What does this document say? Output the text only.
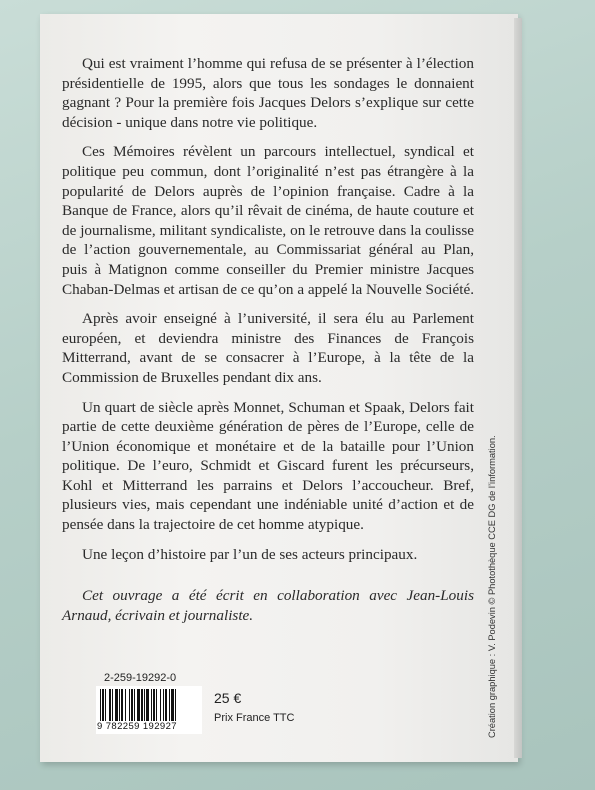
Qui est vraiment l’homme qui refusa de se présenter à l’élection présidentielle de 1995, alors que tous les sondages le donnaient gagnant ? Pour la première fois Jacques Delors s’explique sur cette décision - unique dans notre vie politique.

Ces Mémoires révèlent un parcours intellectuel, syndical et politique peu commun, dont l’originalité n’est pas étrangère à la popularité de Delors auprès de l’opinion française. Cadre à la Banque de France, alors qu’il rêvait de cinéma, de haute couture et de journalisme, militant syndicaliste, on le retrouve dans la coulisse de l’action gouvernementale, au Commissariat général au Plan, puis à Matignon comme conseiller du Premier ministre Jacques Chaban-Delmas et artisan de ce qu’on a appelé la Nouvelle Société.

Après avoir enseigné à l’université, il sera élu au Parlement européen, et deviendra ministre des Finances de François Mitterrand, avant de se consacrer à l’Europe, à la tête de la Commission de Bruxelles pendant dix ans.

Un quart de siècle après Monnet, Schuman et Spaak, Delors fait partie de cette deuxième génération de pères de l’Europe, celle de l’Union économique et monétaire et de la bataille pour l’Union politique. De l’euro, Schmidt et Giscard furent les précurseurs, Kohl et Mitterrand les parrains et Delors l’accoucheur. Bref, plusieurs vies, mais cependant une indéniable unité d’action et de pensée dans la trajectoire de cet homme atypique.

Une leçon d’histoire par l’un de ses acteurs principaux.

Cet ouvrage a été écrit en collaboration avec Jean-Louis Arnaud, écrivain et journaliste.	Création graphique : V. Podevin © Photothèque CCE DG de l’information.
2-259-19292-0
9 782259 192927
25 €
Prix France TTC
